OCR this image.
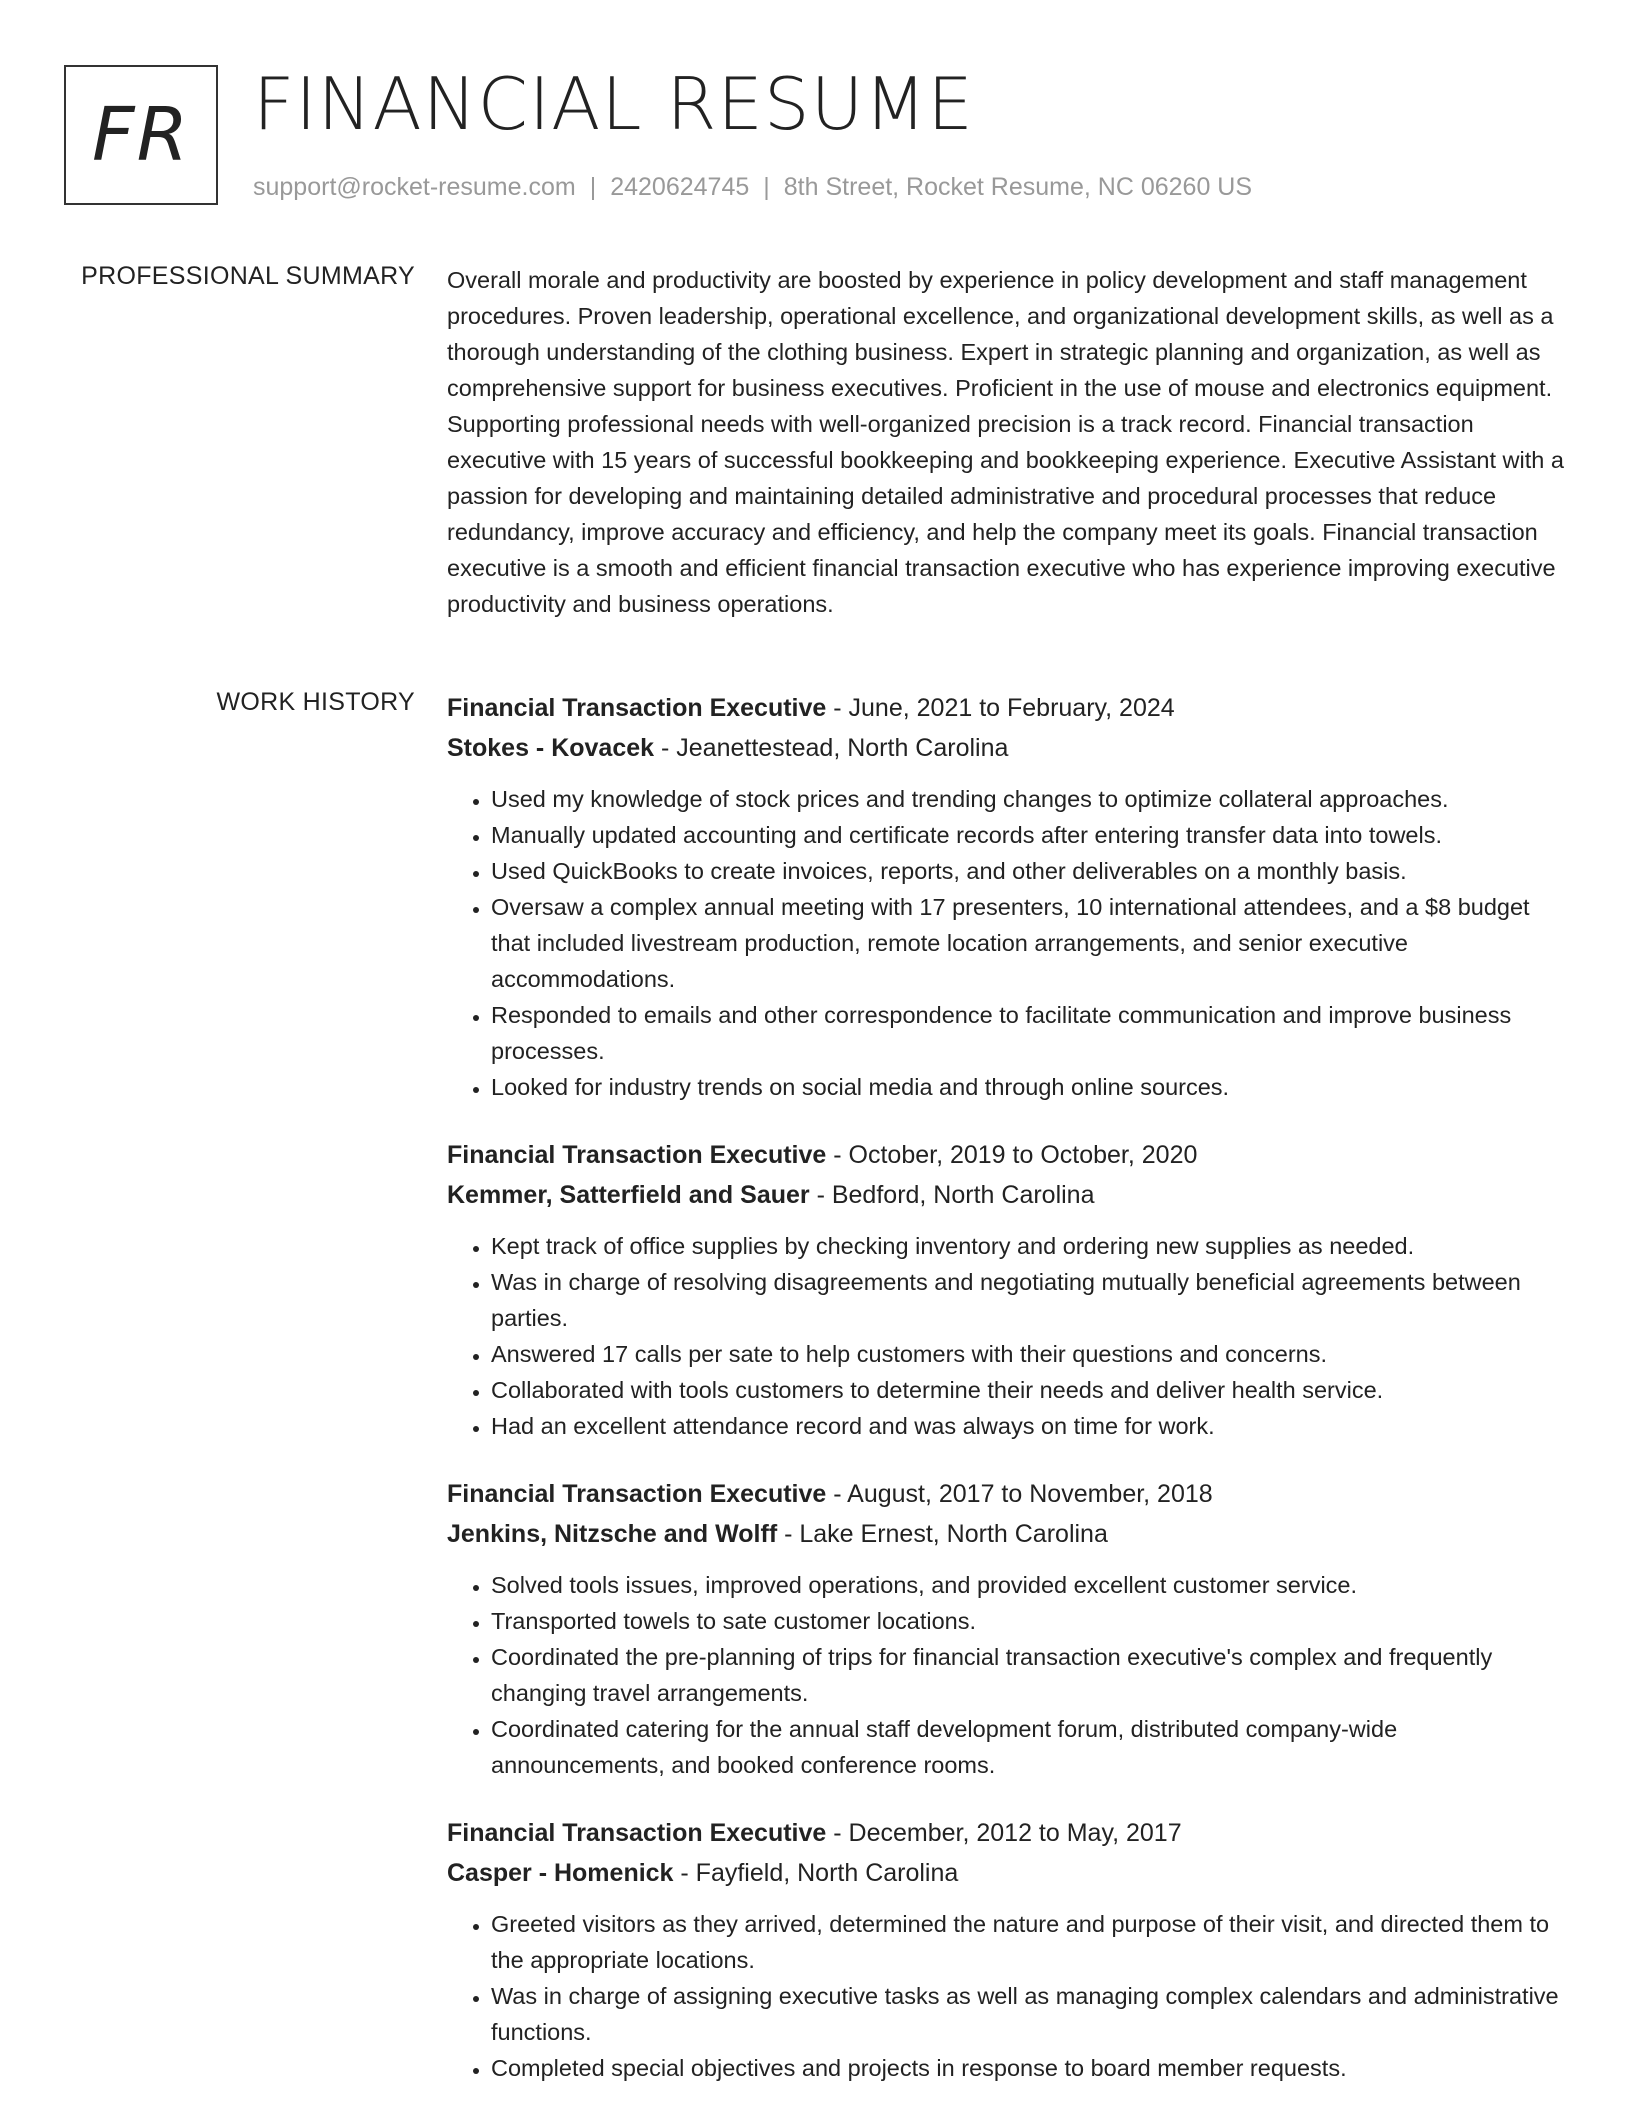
FR FINANCIAL RESUME
support@rocket-resume.com | 2420624745 | 8th Street, Rocket Resume, NC 06260 US
PROFESSIONAL SUMMARY Overall morale and productivity are boosted by experience in policy development and staff management procedures. Proven leadership, operational excellence, and organizational development skills, as well as a thorough understanding of the clothing business. Expert in strategic planning and organization, as well as comprehensive support for business executives. Proficient in the use of mouse and electronics equipment. Supporting professional needs with well-organized precision is a track record. Financial transaction executive with 15 years of successful bookkeeping and bookkeeping experience. Executive Assistant with a passion for developing and maintaining detailed administrative and procedural processes that reduce redundancy, improve accuracy and efficiency, and help the company meet its goals. Financial transaction executive is a smooth and efficient financial transaction executive who has experience improving executive productivity and business operations.

WORK HISTORY Financial Transaction Executive - June, 2021 to February, 2024
Stokes - Kovacek - Jeanettestead, North Carolina
• Used my knowledge of stock prices and trending changes to optimize collateral approaches.
• Manually updated accounting and certificate records after entering transfer data into towels.
• Used QuickBooks to create invoices, reports, and other deliverables on a monthly basis.
• Oversaw a complex annual meeting with 17 presenters, 10 international attendees, and a $8 budget that included livestream production, remote location arrangements, and senior executive accommodations.
• Responded to emails and other correspondence to facilitate communication and improve business processes.
• Looked for industry trends on social media and through online sources.
Financial Transaction Executive - October, 2019 to October, 2020
Kemmer, Satterfield and Sauer - Bedford, North Carolina
• Kept track of office supplies by checking inventory and ordering new supplies as needed.
• Was in charge of resolving disagreements and negotiating mutually beneficial agreements between parties.
• Answered 17 calls per sate to help customers with their questions and concerns.
• Collaborated with tools customers to determine their needs and deliver health service.
• Had an excellent attendance record and was always on time for work.
Financial Transaction Executive - August, 2017 to November, 2018
Jenkins, Nitzsche and Wolff - Lake Ernest, North Carolina
• Solved tools issues, improved operations, and provided excellent customer service.
• Transported towels to sate customer locations.
• Coordinated the pre-planning of trips for financial transaction executive's complex and frequently changing travel arrangements.
• Coordinated catering for the annual staff development forum, distributed company-wide announcements, and booked conference rooms.
Financial Transaction Executive - December, 2012 to May, 2017
Casper - Homenick - Fayfield, North Carolina
• Greeted visitors as they arrived, determined the nature and purpose of their visit, and directed them to the appropriate locations.
• Was in charge of assigning executive tasks as well as managing complex calendars and administrative functions.
• Completed special objectives and projects in response to board member requests.
